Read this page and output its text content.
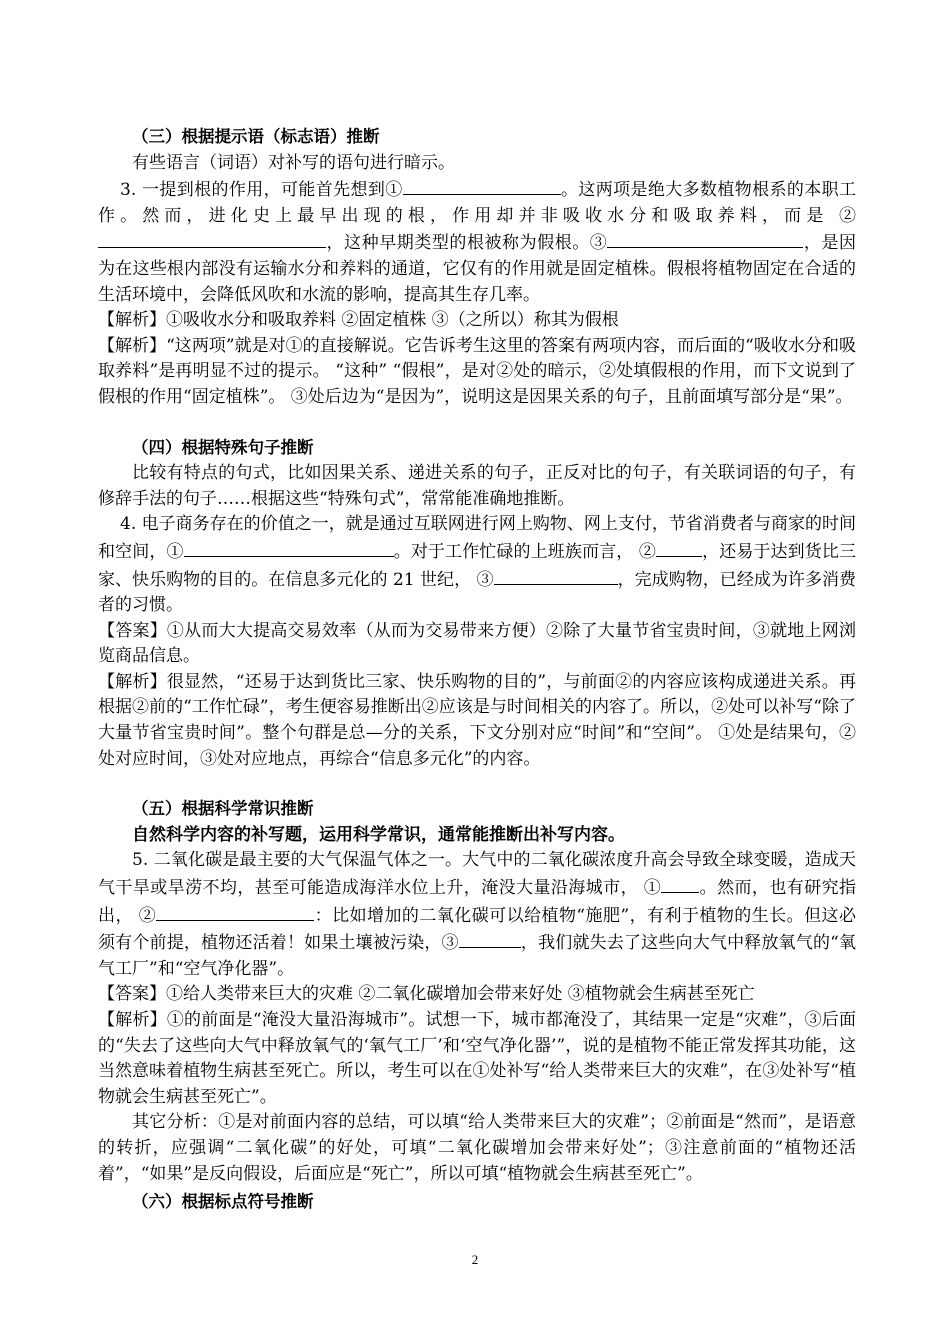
（三）根据提示语（标志语）推断

有些语言（词语）对补写的语句进行暗示。

3. 一提到根的作用，可能首先想到①	。这两项是绝大多数植物根系的本职工作。然而，进化史上最早出现的根，作用却并非吸收水分和吸取养料，而是 ②，这种早期类型的根被称为假根。③	，是因为在这些根内部没有运输水分和养料的通道，它仅有的作用就是固定植株。假根将植物固定在合适的生活环境中，会降低风吹和水流的影响，提高其生存几率。

【解析】①吸收水分和吸取养料 ②固定植株 ③（之所以）称其为假根

【解析】“这两项”就是对①的直接解说。它告诉考生这里的答案有两项内容，而后面的“吸收水分和吸取养料”是再明显不过的提示。 “这种” “假根”，是对②处的暗示，②处填假根的作用，而下文说到了假根的作用“固定植株”。 ③处后边为“是因为”，说明这是因果关系的句子，且前面填写部分是“果”。

（四）根据特殊句子推断

比较有特点的句式，比如因果关系、递进关系的句子，正反对比的句子，有关联词语的句子，有修辞手法的句子……根据这些“特殊句式”，常常能准确地推断。

4. 电子商务存在的价值之一，就是通过互联网进行网上购物、网上支付，节省消费者与商家的时间和空间，①	。对于工作忙碌的上班族而言， ②	，还易于达到货比三家、快乐购物的目的。在信息多元化的 21 世纪， ③	，完成购物，已经成为许多消费者的习惯。

【答案】①从而大大提高交易效率（从而为交易带来方便）②除了大量节省宝贵时间，③就地上网浏览商品信息。

【解析】很显然，“还易于达到货比三家、快乐购物的目的”，与前面②的内容应该构成递进关系。再根据②前的“工作忙碌”，考生便容易推断出②应该是与时间相关的内容了。所以，②处可以补写“除了大量节省宝贵时间”。整个句群是总—分的关系，下文分别对应“时间”和“空间”。 ①处是结果句，②处对应时间，③处对应地点，再综合“信息多元化”的内容。

（五）根据科学常识推断

自然科学内容的补写题，运用科学常识，通常能推断出补写内容。

5. 二氧化碳是最主要的大气保温气体之一。大气中的二氧化碳浓度升高会导致全球变暖，造成天气干旱或旱涝不均，甚至可能造成海洋水位上升，淹没大量沿海城市， ① 。然而，也有研究指出， ②	：比如增加的二氧化碳可以给植物“施肥”，有利于植物的生长。但这必须有个前提，植物还活着！如果土壤被污染，③	，我们就失去了这些向大气中释放氧气的“氧气工厂”和“空气净化器”。

【答案】①给人类带来巨大的灾难 ②二氧化碳增加会带来好处 ③植物就会生病甚至死亡

【解析】①的前面是“淹没大量沿海城市”。试想一下，城市都淹没了，其结果一定是“灾难”，③后面的“失去了这些向大气中释放氧气的‘氧气工厂’和‘空气净化器’”，说的是植物不能正常发挥其功能，这当然意味着植物生病甚至死亡。所以，考生可以在①处补写“给人类带来巨大的灾难”，在③处补写“植物就会生病甚至死亡”。

其它分析：①是对前面内容的总结，可以填“给人类带来巨大的灾难”；②前面是“然而”，是语意的转折，应强调“二氧化碳”的好处，可填“二氧化碳增加会带来好处”；③注意前面的“植物还活着”，“如果”是反向假设，后面应是“死亡”，所以可填“植物就会生病甚至死亡”。

（六）根据标点符号推断
2
